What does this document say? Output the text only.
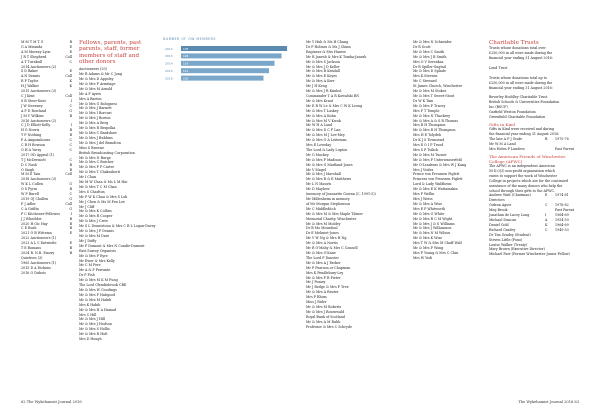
M M T M T G	B
G A Miranda	E
A M Murray-Lyon	E
J R T Shepherd	Coll
A T Turnbull	C
2014 Auctioneers (2)
S D Baker	E
A N Dennis	Coll
R P Taylor	K
H J Walker	K
2015 Auctioneers (3)
C J Kent	Coll
S R Steer-Kent	I
J W Sweeney	C
A F D Rowland	G
J M V Wilkins	B
2016 Auctioneers (2)
C J D Elliott-Kelly	I
H G Norris	B
T F Nothing	B
P A Ampomhouse	C
C R H Rowson	C
O H A Yurzy	C
2017 OD Appeal (1)
T J McDermott	C
D C Nash	B
O Singh	B
M M E Tam	Coll
2018 Auctioneers (3)
W K L Cullen	G
O S Pyrm	B
W P Rurell	C
2019 OJ Challen	G
F J Adler	Coll
C A Griffin	G
P C Kitchener-Fellowes	I
J J Wheelder	B
2020 H Gic Hay	B
C E Rush	B
2021 O B Wittema	E
2022 Auctioneers (1)
2023 A L C Entwistle	E
T E Romans	B
2024 R. N.R. Emory	B
Quietives (3)
1965 Auctioneers (1)
2015 D A Dickens
2016 O Dubois
Fellows, parents, past parents, staff, former members of staff and other donors
Auctioneers (20)
Mr R Adams & Mr C Jong
Mr & Mrs D Appsley
Mr & Mrs P Armitage
Mr & Mrs M Arnold
Mr A F Ayres
Mrs A Barton
Mr & Mrs G Bolognesi
Mr & Mrs J Barnett
Mr & Mrs I Borcuri
Mr & Mrs J Borton
Mr & Mrs A Berg
Mr & Mrs R Bespolka
Mr & Mrs C Bradshaw
Mr & Mrs J Bubbins
Mr & Mrs J del Brandton
Miss S Browne
British Broadcasting Corporation
Mr & Mrs N Burge
Mr & Mrs C Butcher
Mr & Mrs P P Carter
Mr & Mrs T Chakraborti
Mr I Chan
Mr M W Chan & Ms L M Hui
Mr & Mrs T C M Chan
Mrs S Charlton
Mr P W K Chau & Mrs S Lok
Mr J Chen & Ms M Fen Lee
Mr J Cliff
Mr & Mrs K Collins
Mr & Mrs R Cooper
Mr & Mrs J Crew
Mr S L Dennistoun & Mrs C R L Logan-Davey
Mr & Mrs J P Dennis
Mr & Mrs M Dare
Mr J Duffy
Mr P Dumont & Mrs N Condie-Dumont
East Surrey Organists
Mr & Mrs P Eyre
Mr Ewer & Mrs Kelly
Mr C M Fere
Mr A & F Ferrante
Dr P Fish
Mr & Mrs M K M Fung
The Lord Glendinbrook CBE
Mr & Mrs W Goodings
Mr & Mrs P Habgood
Mr & Mrs M Habib
Mrs K Habib
Mr & Mrs H A Hamad
Mrs C Hill
Mr & Mrs J Hill
Mr & Mrs J Hodson
Mr & Mrs S Hollis
Mr & Mrs R Holt
Mrs D Hough
NUMBER OF OW MEMBERS
2012	135
2013	128
2014	119
2015	112
2016	105
Mr Y Huh & Ms H Chang
Dr P Holmes & Ms J Chinn
Engineer & Mrs Hunter
Mr R Janesh & Mrs K Tomba-Janesh
Mr & Mrs S Jackson
Mr & Mrs J D Keller
Mr & Mrs R Kendall
Mr & Mrs E Keyes
Mr & Mrs A Kerr
Mr J H Keng
Mr & Mrs J R Kimbol
Commander T A R Kowalski RN
Mr & Mrs Kraut
Mr E R W Le & Mrs C W K Leong
Mr & Mrs T Laskey
Mr & Mrs A Kuhn
Mr & Mrs M V Kwok
Mr W H A Land
Mr & Mrs D C P Lan
Mr & Mrs M J Lee-Mey
Mr & Mrs O A Leiteman
Mrs E Loveday
The Lord & Lady Lupton
Mr G Mackey
Mr & Mrs P Madison
Mr & Mrs G Maitland-Jones
Mr V Magel
Mr & Mrs J Marshall
Mr & Mrs R & E Matthews
Mr L N Mauvis
Mr D Mayhew
(memory of Jeannette Gowan (C, 1991-5))
Mr Millenheim in memory
of Mr Morgan Stephenson
Mr C Middleditch
Mr & Mrs M & Mrs Maple Tilsner
Memorial Charity, Winchester
Mr & Mrs M Mobley
Dr B Mo Mousdoul
Dr E Mehmet-Jones
Mr V W Ng & Mrs H Ng
Mr & Mrs A Norris
Mr R O'Mahy & Mrs C Connell
Mr & Mrs O'Kane
The Lord P Dunster
Mr & Mrs A J Parker
Mr P Pearson or Chapman
Mrs K Pendlebury-Ley
Mr & Mrs P R Pieter
Mr J Pomey
Mr J Redge & Mrs P Tree
Mr & Mrs A Reuter
Mrs P Rhom
Miss J Rider
Mr & Mrs M Roberts
Mr & Mrs J Rosenwald
Royal Bank of Scotland
Mr & Mrs A M Rubb
Professor & Mrs C Schryde
Mr & Mrs N Schneider
Dr R Scott
Mr & Mrs C Smith
Mr & Mrs J R Smith
Mrs O V Serenkas
Dr R Spiller-Sugtail
Mr & Mrs D Splade
Mrs K Stevens
Mr C Steward
St James Church, Winchester
Mr & Mrs M Stokes
Mr & Mrs T Sweet-Stout
Dr W K Tam
Mr & Mrs P Tracey
Mrs F T Temple
Mr & Mrs N Thackrey
Mr & Mrs A & S R Thomas
Mrs R H Thompson
Mr & Mrs R H Thompson
Mrs H E Tolydeh
Dr K J S Townsend
Mrs E O I P Trood
Mrs S P Tsilick
Mr & Mrs M Turner
Mr & Mrs P Unterwasserfeld
Mr O'Leaderas & Mrs W J Kang
Mrs J Vinles
Prince von Preussen Piglett
Princess von Preussen Piglett
Lord & Lady Waldheim
Mr & Mrs E K Wattamakin
Mrs P Wellin
Mrs J Weiss
Mr & Mrs A Wise
Mrs E P Whitworth
Mr & Mrs O White
Mr & Mrs R C M Wight
Mr & Mrs J & S Williams
Mr & Mrs J Williamson
Mr & Mrs N M Wilson
Mr & Mrs K Wise
Mrs T W & Mrs M Chaff Wall
Mr & Mrs P Wong
Mrs P Young & Mrs C Chin
Mrs W Yedi
Charitable Trusts
Trusts whose donations total over
£250,000 in all were made during the
financial year ending 31 August 2016:

Lend Trust

Trusts whose donations total up to
£250,000 in all were made during the
financial year ending 31 August 2016:

Beverley Hoddley Charitable Trust
British Schools & Universities Foundation
Inc (BSUF)
Garfield Weston Foundation
Greenfield Charitable Foundation
Gifts in Kind
Gifts in Kind were received and during
the financial year ending 31 August 2016:
The late A P J Grafe	B 1970-76
Mr W M A Land
Mrs Helen P Lunders	Past Parent
The American Friends of Winchester College (AFWC)
The AFWC is an independent American
501(c)(3) non-profit organisation which
exists to support the work of Winchester
College in projects which are for the continued
assistance of the many donors who help the
school through their gifts to the AFWC.
Andrew Watt (Chairman)	E 1974-81
Directors
Gideon Aguir	C 1978-82
Meg Brook	Past Parent
Jonathan de Lacey Long	I	1964-69
Michael Duncan	A 1954-59
Daniel Gold	K 1964-69
Richard Gradey	C 1949-53
Dr Tim Gradey (Student)
Steven Little (Pono)
Louise Walker (Treaty)
Mary Brown (Executive Director)
Michael Parr (Former Winchester Junior Fellow)
62 The Wykehamist Journal 2016	The Wykehamist Journal 2016 63
